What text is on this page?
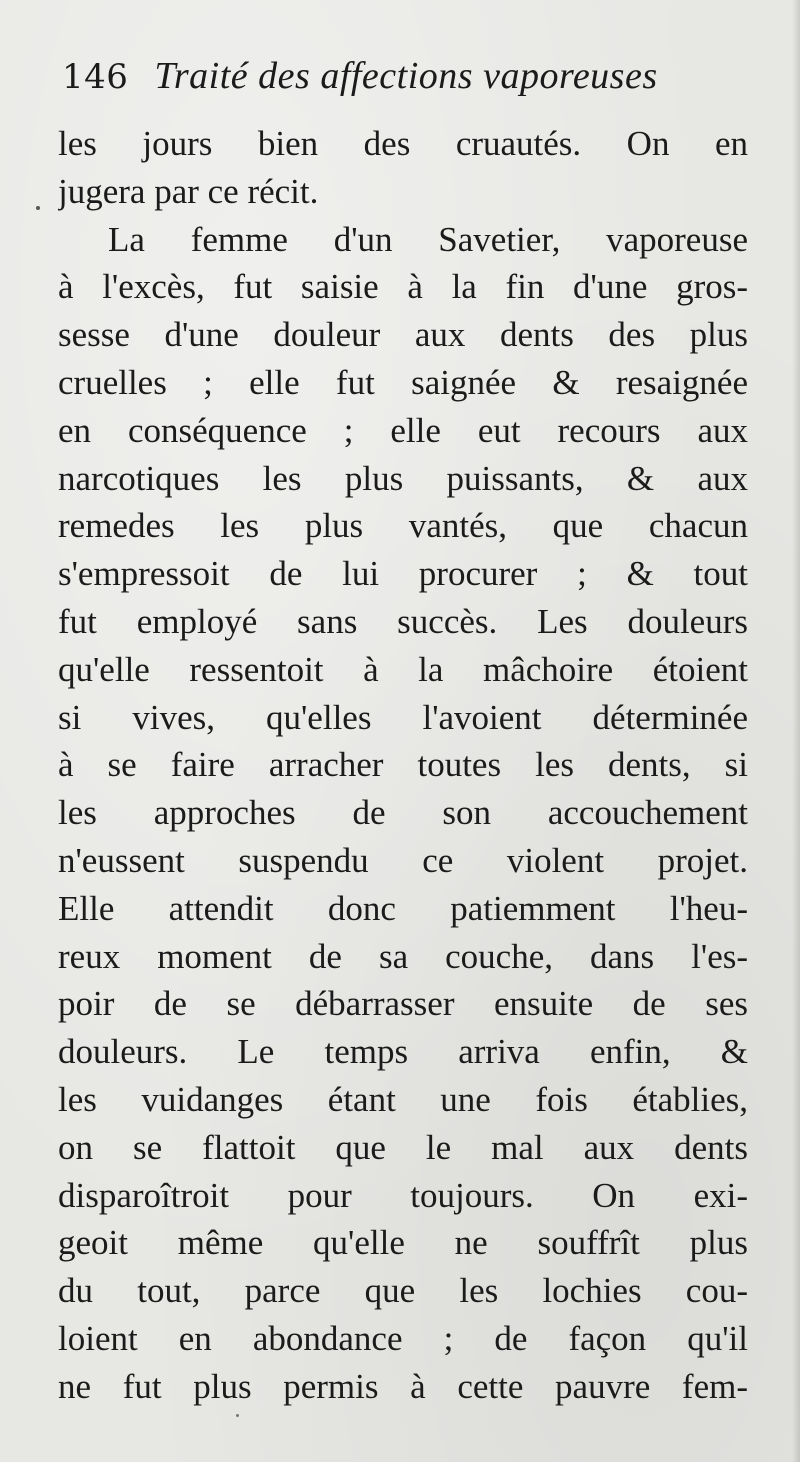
146 Traité des affections vaporeuses
les jours bien des cruautés. On en
jugera par ce récit.
La femme d'un Savetier, vaporeuse
à l'excès, fut saisie à la fin d'une gros-
sesse d'une douleur aux dents des plus
cruelles ; elle fut saignée & resaignée
en conséquence ; elle eut recours aux
narcotiques les plus puissants, & aux
remedes les plus vantés, que chacun
s'empressoit de lui procurer ; & tout
fut employé sans succès. Les douleurs
qu'elle ressentoit à la mâchoire étoient
si vives, qu'elles l'avoient déterminée
à se faire arracher toutes les dents, si
les approches de son accouchement
n'eussent suspendu ce violent projet.
Elle attendit donc patiemment l'heu-
reux moment de sa couche, dans l'es-
poir de se débarrasser ensuite de ses
douleurs. Le temps arriva enfin, &
les vuidanges étant une fois établies,
on se flattoit que le mal aux dents
disparoîtroit pour toujours. On exi-
geoit même qu'elle ne souffrît plus
du tout, parce que les lochies cou-
loient en abondance ; de façon qu'il
ne fut plus permis à cette pauvre fem-
